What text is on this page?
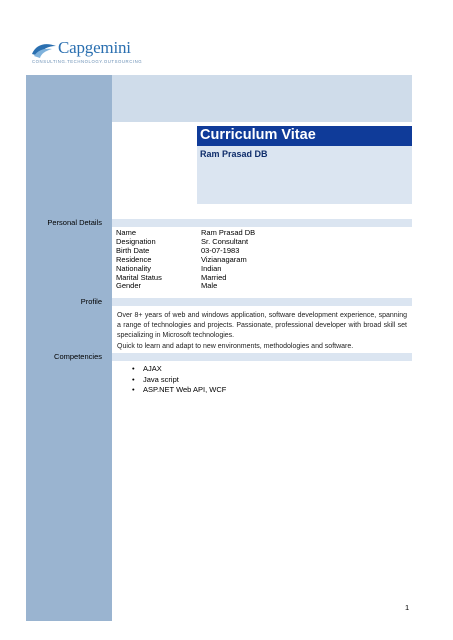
Capgemini
CONSULTING.TECHNOLOGY.OUTSOURCING
Curriculum Vitae
Ram Prasad DB
Personal Details
Name	Ram Prasad DB
Designation	Sr. Consultant
Birth Date	03-07-1983
Residence	Vizianagaram
Nationality	Indian
Marital Status	Married
Gender	Male
Profile

Over 8+ years of web and windows application, software development experience, spanning a range of technologies and projects. Passionate, professional developer with broad skill set specializing in Microsoft technologies.

Quick to learn and adapt to new environments, methodologies and software.

Competencies
•	AJAX
•	Java script
•	ASP.NET Web API, WCF
1
